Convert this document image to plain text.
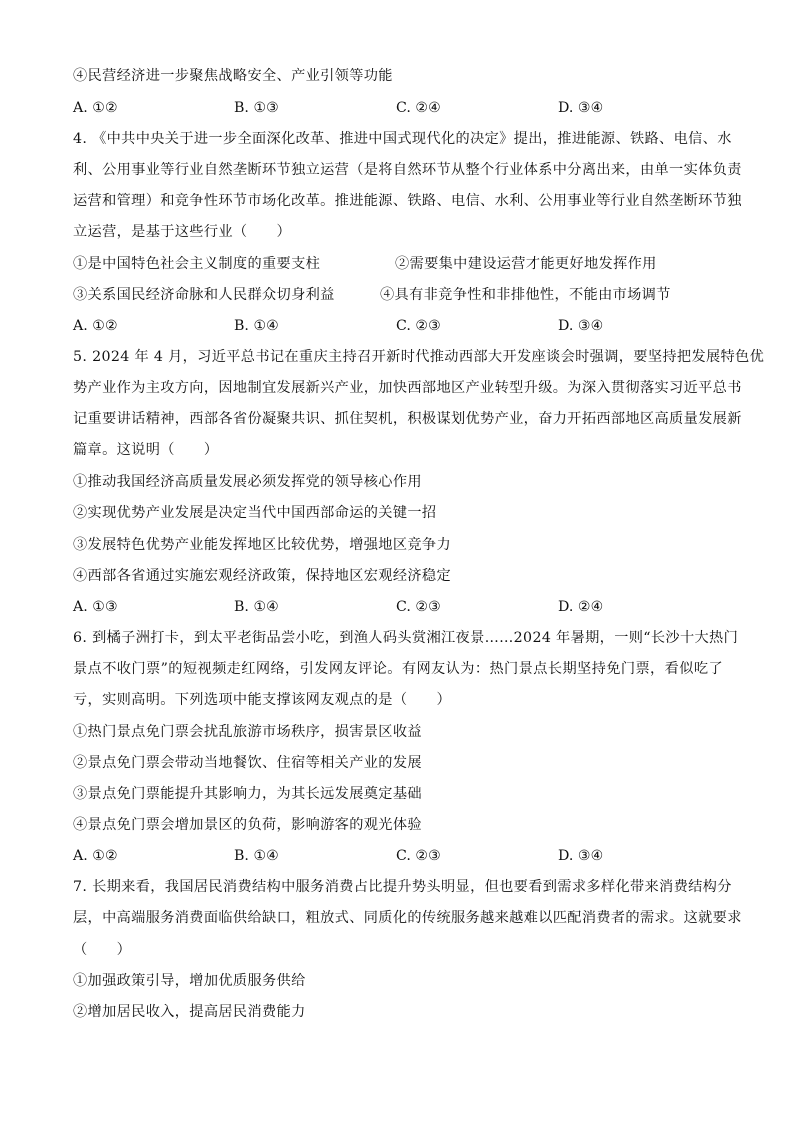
④民营经济进一步聚焦战略安全、产业引领等功能
A. ①②	B. ①③	C. ②④	D. ③④
4. 《中共中央关于进一步全面深化改革、推进中国式现代化的决定》提出，推进能源、铁路、电信、水
利、公用事业等行业自然垄断环节独立运营（是将自然环节从整个行业体系中分离出来，由单一实体负责
运营和管理）和竞争性环节市场化改革。推进能源、铁路、电信、水利、公用事业等行业自然垄断环节独
立运营，是基于这些行业（　　）
①是中国特色社会主义制度的重要支柱	②需要集中建设运营才能更好地发挥作用
③关系国民经济命脉和人民群众切身利益	④具有非竞争性和非排他性，不能由市场调节
A. ①②	B. ①④	C. ②③	D. ③④
5. 2024 年 4 月，习近平总书记在重庆主持召开新时代推动西部大开发座谈会时强调，要坚持把发展特色优
势产业作为主攻方向，因地制宜发展新兴产业，加快西部地区产业转型升级。为深入贯彻落实习近平总书
记重要讲话精神，西部各省份凝聚共识、抓住契机，积极谋划优势产业，奋力开拓西部地区高质量发展新
篇章。这说明（　　）
①推动我国经济高质量发展必须发挥党的领导核心作用
②实现优势产业发展是决定当代中国西部命运的关键一招
③发展特色优势产业能发挥地区比较优势，增强地区竞争力
④西部各省通过实施宏观经济政策，保持地区宏观经济稳定
A. ①③	B. ①④	C. ②③	D. ②④
6. 到橘子洲打卡，到太平老街品尝小吃，到渔人码头赏湘江夜景……2024 年暑期，一则“长沙十大热门
景点不收门票”的短视频走红网络，引发网友评论。有网友认为：热门景点长期坚持免门票，看似吃了
亏，实则高明。下列选项中能支撑该网友观点的是（　　）
①热门景点免门票会扰乱旅游市场秩序，损害景区收益
②景点免门票会带动当地餐饮、住宿等相关产业的发展
③景点免门票能提升其影响力，为其长远发展奠定基础
④景点免门票会增加景区的负荷，影响游客的观光体验
A. ①②	B. ①④	C. ②③	D. ③④
7. 长期来看，我国居民消费结构中服务消费占比提升势头明显，但也要看到需求多样化带来消费结构分
层，中高端服务消费面临供给缺口，粗放式、同质化的传统服务越来越难以匹配消费者的需求。这就要求
（　　）
①加强政策引导，增加优质服务供给
②增加居民收入，提高居民消费能力
